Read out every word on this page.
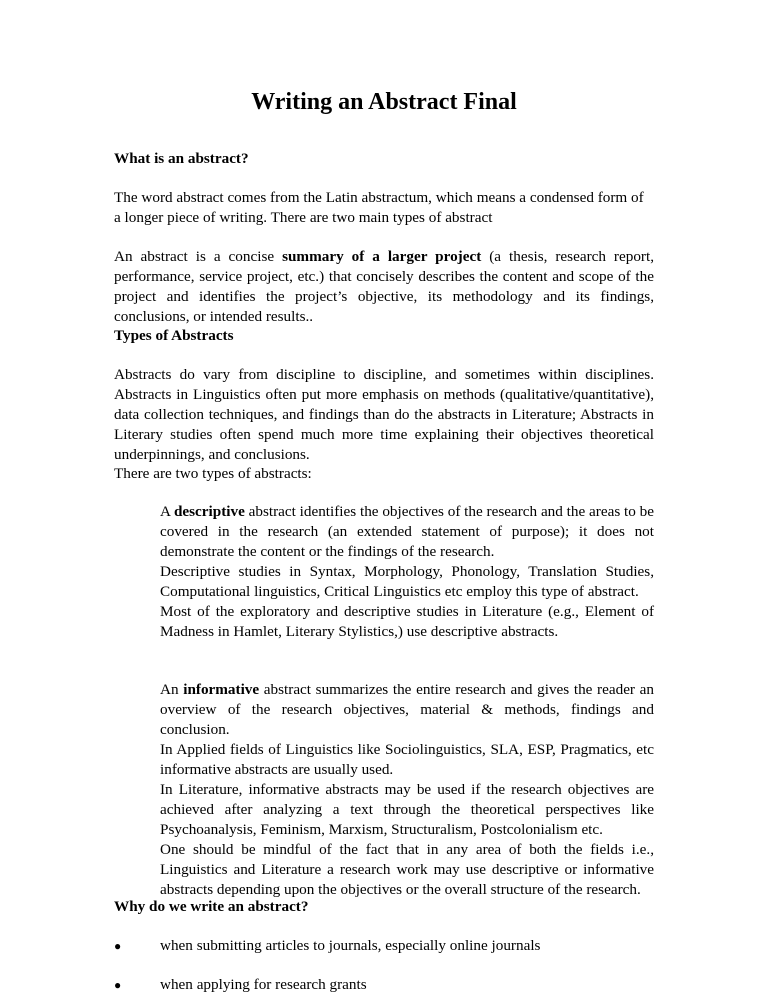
Writing an Abstract Final

What is an abstract?

The word abstract comes from the Latin abstractum, which means a condensed form of a longer piece of writing. There are two main types of abstract

An abstract is a concise summary of a larger project (a thesis, research report, performance, service project, etc.) that concisely describes the content and scope of the project and identifies the project’s objective, its methodology and its findings, conclusions, or intended results..

Types of Abstracts

Abstracts do vary from discipline to discipline, and sometimes within disciplines. Abstracts in Linguistics often put more emphasis on methods (qualitative/quantitative), data collection techniques, and findings than do the abstracts in Literature; Abstracts in Literary studies often spend much more time explaining their objectives theoretical underpinnings, and conclusions.

There are two types of abstracts:

A descriptive abstract identifies the objectives of the research and the areas to be covered in the research (an extended statement of purpose); it does not demonstrate the content or the findings of the research.

Descriptive studies in Syntax, Morphology, Phonology, Translation Studies, Computational linguistics, Critical Linguistics etc employ this type of abstract.

Most of the exploratory and descriptive studies in Literature (e.g., Element of Madness in Hamlet, Literary Stylistics,) use descriptive abstracts.

An informative abstract summarizes the entire research and gives the reader an overview of the research objectives, material & methods, findings and conclusion.

In Applied fields of Linguistics like Sociolinguistics, SLA, ESP, Pragmatics, etc informative abstracts are usually used.

In Literature, informative abstracts may be used if the research objectives are achieved after analyzing a text through the theoretical perspectives like Psychoanalysis, Feminism, Marxism, Structuralism, Postcolonialism etc.

One should be mindful of the fact that in any area of both the fields i.e., Linguistics and Literature a research work may use descriptive or informative abstracts depending upon the objectives or the overall structure of the research.

Why do we write an abstract?

●	when submitting articles to journals, especially online journals
●	when applying for research grants
